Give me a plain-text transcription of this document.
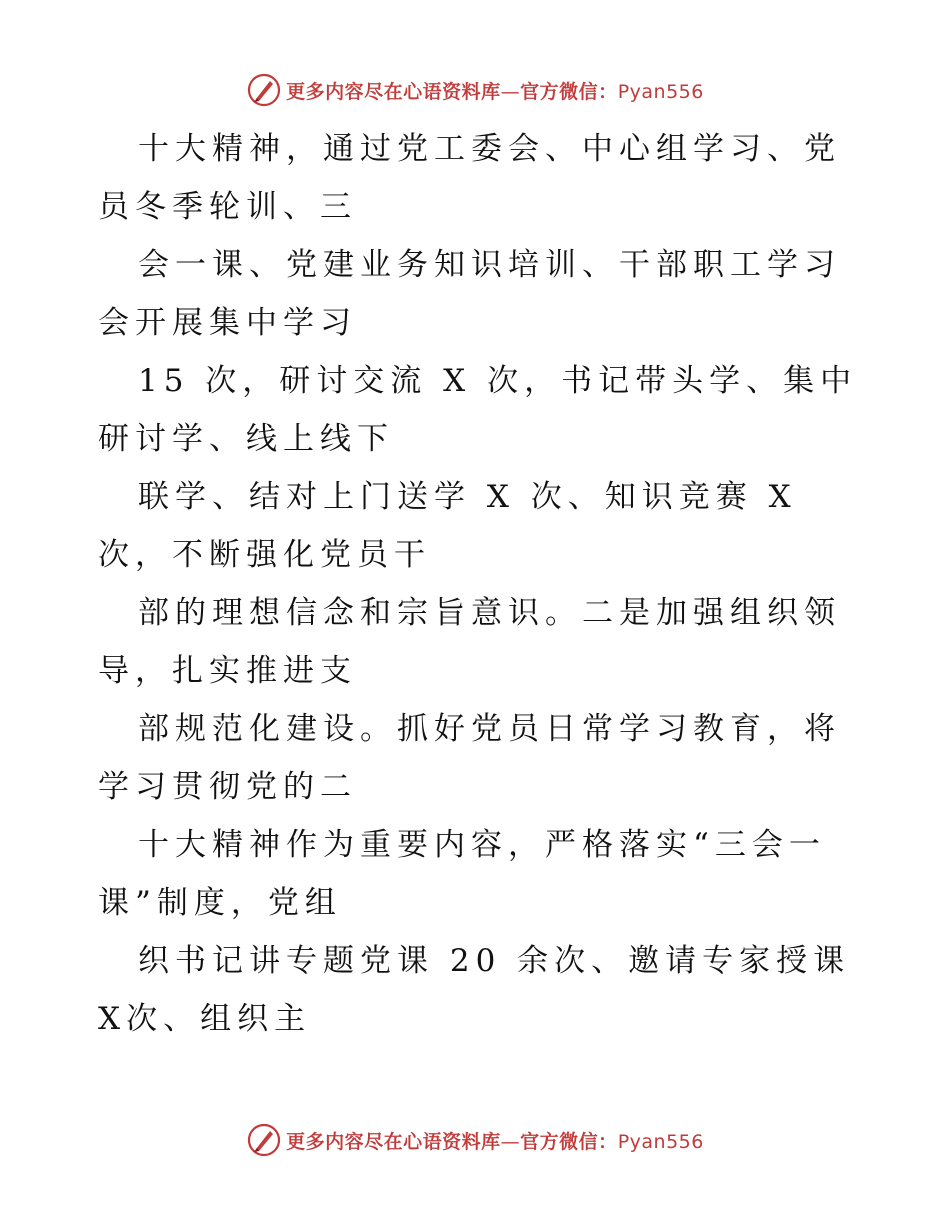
更多内容尽在心语资料库—官方微信：Pyan556

十大精神，通过党工委会、中心组学习、党员冬季轮训、三

会一课、党建业务知识培训、干部职工学习会开展集中学习

15 次，研讨交流 X 次，书记带头学、集中研讨学、线上线下

联学、结对上门送学 X 次、知识竞赛 X 次，不断强化党员干

部的理想信念和宗旨意识。二是加强组织领导，扎实推进支

部规范化建设。抓好党员日常学习教育，将学习贯彻党的二

十大精神作为重要内容，严格落实“三会一课”制度，党组

织书记讲专题党课 20 余次、邀请专家授课 X次、组织主

更多内容尽在心语资料库—官方微信：Pyan556
